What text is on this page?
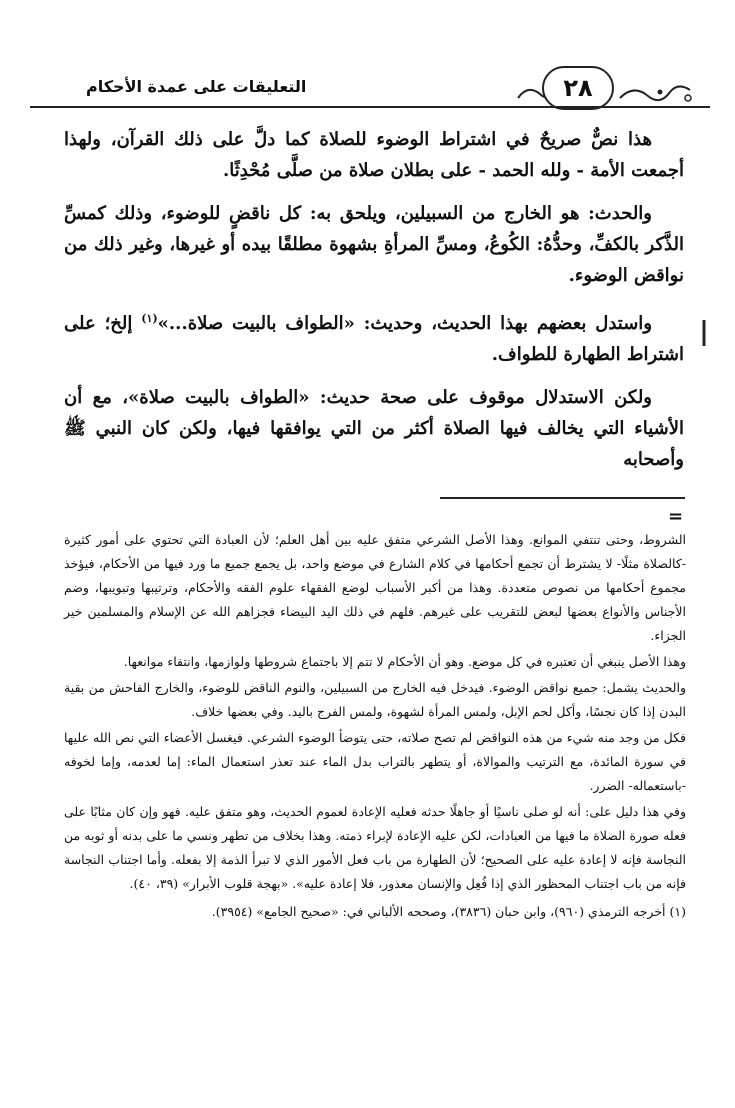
٢٨
التعليقات على عمدة الأحكام

هذا نصٌّ صريحٌ في اشتراط الوضوء للصلاة كما دلَّ على ذلك القرآن، ولهذا أجمعت الأمة - ولله الحمد - على بطلان صلاة من صلَّى مُحْدِثًا.

والحدث: هو الخارج من السبيلين، ويلحق به: كل ناقضٍ للوضوء، وذلك كمسِّ الذَّكر بالكفِّ، وحدُّهُ: الكُوعُ، ومسِّ المرأةِ بشهوة مطلقًا بيده أو غيرها، وغير ذلك من نواقض الوضوء.

واستدل بعضهم بهذا الحديث، وحديث: «الطواف بالبيت صلاة...»$^{(١)}$ إلخ؛ على اشتراط الطهارة للطواف.

ولكن الاستدلال موقوف على صحة حديث: «الطواف بالبيت صلاة»، مع أن الأشياء التي يخالف فيها الصلاة أكثر من التي يوافقها فيها، ولكن كان النبي ﷺ وأصحابه

=

الشروط، وحتى تنتفي الموانع. وهذا الأصل الشرعي متفق عليه بين أهل العلم؛ لأن العبادة التي تحتوي على أمور كثيرة -كالصلاة مثلًا- لا يشترط أن تجمع أحكامها في كلام الشارع في موضع واحد، بل يجمع جميع ما ورد فيها من الأحكام، فيؤخذ مجموع أحكامها من نصوص متعددة. وهذا من أكبر الأسباب لوضع الفقهاء علوم الفقه والأحكام، وترتيبها وتبويبها، وضم الأجناس والأنواع بعضها لبعض للتقريب على غيرهم. فلهم في ذلك اليد البيضاء فجزاهم الله عن الإسلام والمسلمين خير الجزاء.

وهذا الأصل ينبغي أن تعتبره في كل موضع. وهو أن الأحكام لا تتم إلا باجتماع شروطها ولوازمها، وانتفاء موانعها.

والحديث يشمل: جميع نواقض الوضوء. فيدخل فيه الخارج من السبيلين، والنوم الناقض للوضوء، والخارج الفاحش من بقية البدن إذا كان نجسًا، وأكل لحم الإبل، ولمس المرأة لشهوة، ولمس الفرج باليد. وفي بعضها خلاف.

فكل من وجد منه شيء من هذه النواقض لم تصح صلاته، حتى يتوضأ الوضوء الشرعي. فيغسل الأعضاء التي نص الله عليها في سورة المائدة، مع الترتيب والموالاة، أو يتطهر بالتراب بدل الماء عند تعذر استعمال الماء: إما لعدمه، وإما لخوفه -باستعماله- الضرر.

وفي هذا دليل على: أنه لو صلى ناسيًا أو جاهلًا حدثه فعليه الإعادة لعموم الحديث، وهو متفق عليه. فهو وإن كان مثابًا على فعله صورة الصلاة ما فيها من العبادات، لكن عليه الإعادة لإبراء ذمته. وهذا بخلاف من تطهر ونسي ما على بدنه أو ثوبه من النجاسة فإنه لا إعادة عليه على الصحيح؛ لأن الطهارة من باب فعل الأمور الذي لا تبرأ الذمة إلا بفعله. وأما اجتناب النجاسة فإنه من باب اجتناب المحظور الذي إذا فُعِل والإنسان معذور، فلا إعادة عليه». «بهجة قلوب الأبرار» (٣٩، ٤٠).

(١) أخرجه الترمذي (٩٦٠)، وابن حبان (٣٨٣٦)، وصححه الألباني في: «صحيح الجامع» (٣٩٥٤).
